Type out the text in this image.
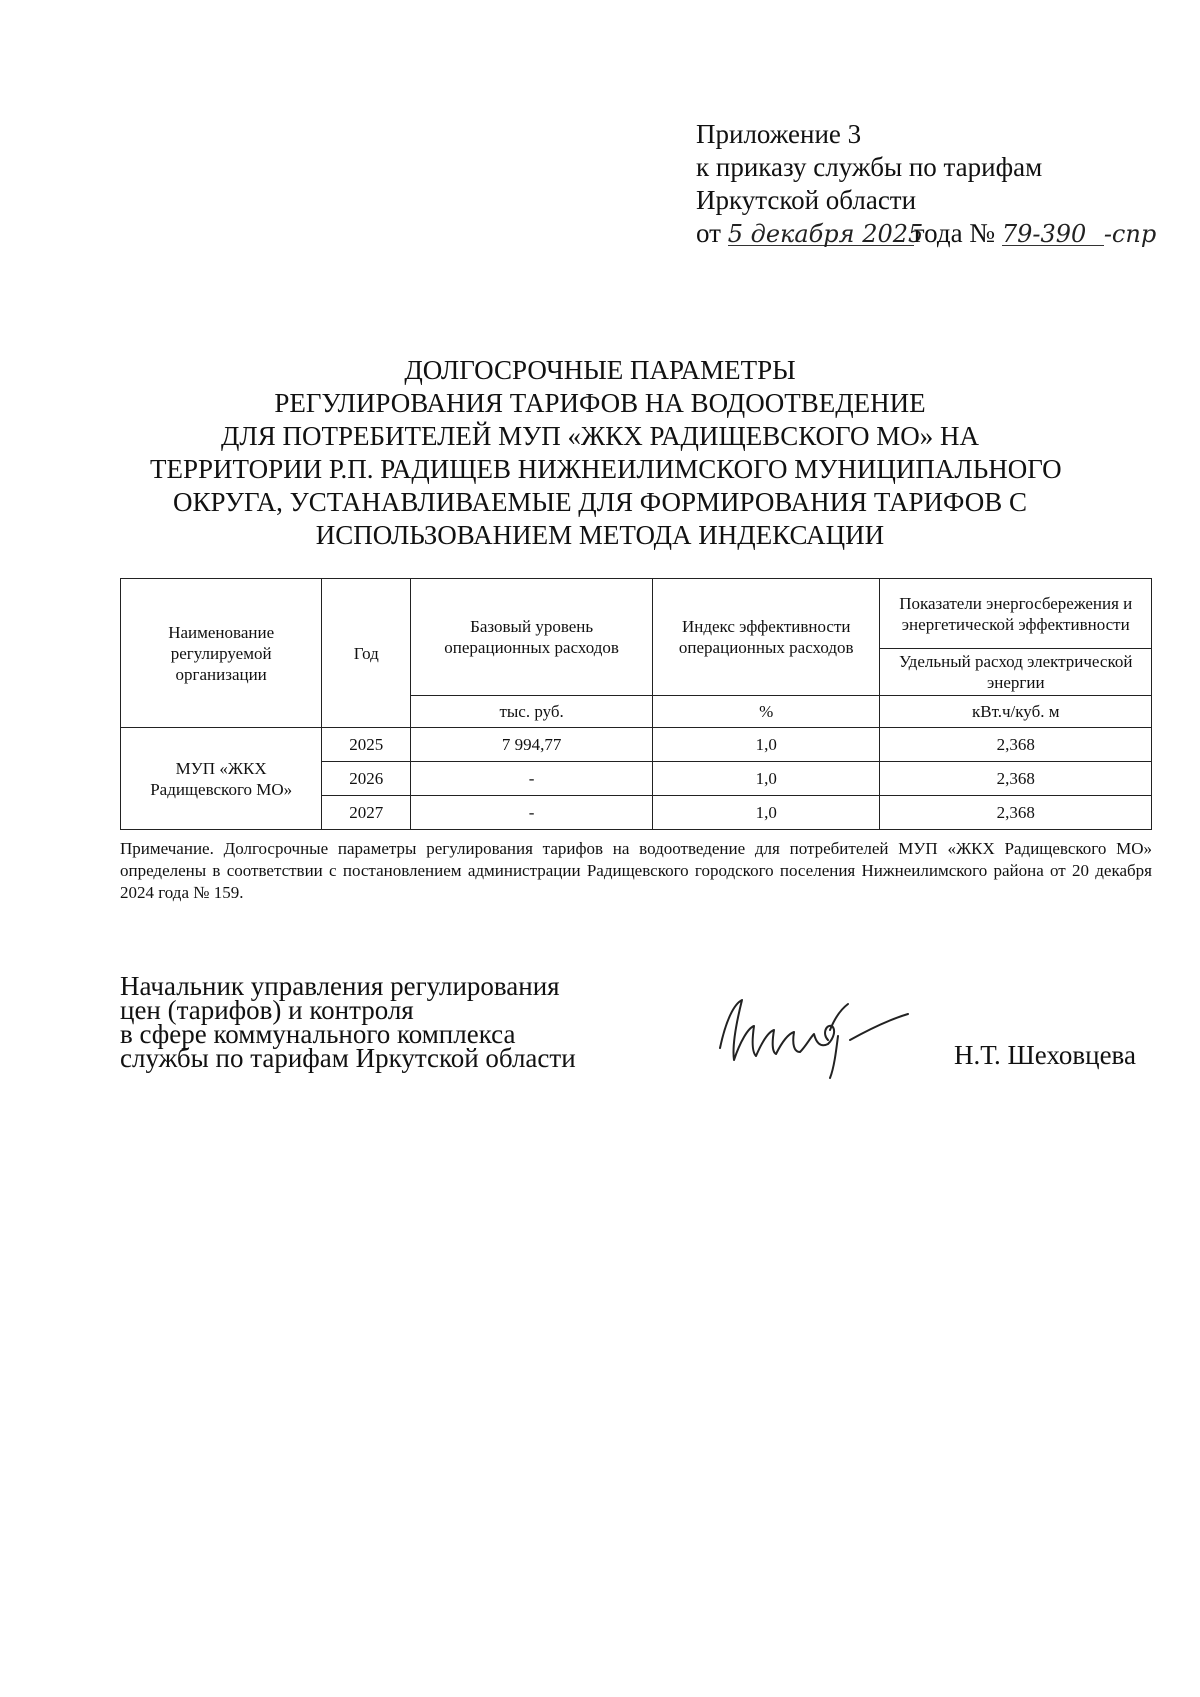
Приложение 3
к приказу службы по тарифам
Иркутской области
от 5 декабря 2025года № 79-390 -спр
ДОЛГОСРОЧНЫЕ ПАРАМЕТРЫ
РЕГУЛИРОВАНИЯ ТАРИФОВ НА ВОДООТВЕДЕНИЕ
ДЛЯ ПОТРЕБИТЕЛЕЙ МУП «ЖКХ РАДИЩЕВСКОГО МО» НА
ТЕРРИТОРИИ Р.П. РАДИЩЕВ НИЖНЕИЛИМСКОГО МУНИЦИПАЛЬНОГО
ОКРУГА, УСТАНАВЛИВАЕМЫЕ ДЛЯ ФОРМИРОВАНИЯ ТАРИФОВ С
ИСПОЛЬЗОВАНИЕМ МЕТОДА ИНДЕКСАЦИИ
Наименование регулируемой организации	Год	Базовый уровень операционных расходов	Индекс эффективности операционных расходов	Показатели энергосбережения и энергетической эффективности
				Удельный расход электрической энергии
		тыс. руб.	%	кВт.ч/куб. м
МУП «ЖКХ Радищевского МО»	2025	7 994,77	1,0	2,368
	2026	-	1,0	2,368
	2027	-	1,0	2,368
Примечание. Долгосрочные параметры регулирования тарифов на водоотведение для потребителей МУП «ЖКХ Радищевского МО» определены в соответствии с постановлением администрации Радищевского городского поселения Нижнеилимского района от 20 декабря 2024 года № 159.
Начальник управления регулирования
цен (тарифов) и контроля
в сфере коммунального комплекса
службы по тарифам Иркутской области	Н.Т. Шеховцева
